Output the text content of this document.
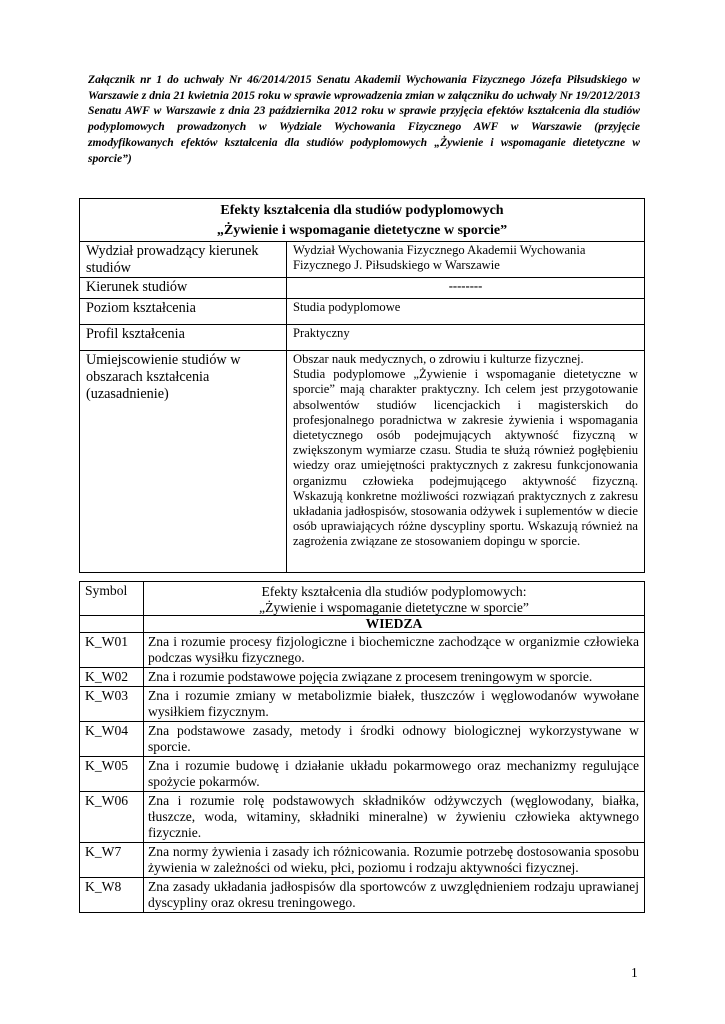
Załącznik nr 1 do uchwały Nr 46/2014/2015 Senatu Akademii Wychowania Fizycznego Józefa Piłsudskiego w Warszawie z dnia 21 kwietnia 2015 roku w sprawie wprowadzenia zmian w załączniku do uchwały Nr 19/2012/2013 Senatu AWF w Warszawie z dnia 23 października 2012 roku w sprawie przyjęcia efektów kształcenia dla studiów podyplomowych prowadzonych w Wydziale Wychowania Fizycznego AWF w Warszawie (przyjęcie zmodyfikowanych efektów kształcenia dla studiów podyplomowych „Żywienie i wspomaganie dietetyczne w sporcie”)
Efekty kształcenia dla studiów podyplomowych
„Żywienie i wspomaganie dietetyczne w sporcie”	

Wydział prowadzący kierunek studiów	Wydział Wychowania Fizycznego Akademii Wychowania Fizycznego J. Piłsudskiego w Warszawie
Kierunek studiów	--------
Poziom kształcenia	Studia podyplomowe
Profil kształcenia	Praktyczny
Umiejscowienie studiów w obszarach kształcenia (uzasadnienie)	Obszar nauk medycznych, o zdrowiu i kulturze fizycznej.
Studia podyplomowe „Żywienie i wspomaganie dietetyczne w sporcie” mają charakter praktyczny. Ich celem jest przygotowanie absolwentów studiów licencjackich i magisterskich do profesjonalnego poradnictwa w zakresie żywienia i wspomagania dietetycznego osób podejmujących aktywność fizyczną w zwiększonym wymiarze czasu. Studia te służą również pogłębieniu wiedzy oraz umiejętności praktycznych z zakresu funkcjonowania organizmu człowieka podejmującego aktywność fizyczną. Wskazują konkretne możliwości rozwiązań praktycznych z zakresu układania jadłospisów, stosowania odżywek i suplementów w diecie osób uprawiających różne dyscypliny sportu. Wskazują również na zagrożenia związane ze stosowaniem dopingu w sporcie.
Symbol	Efekty kształcenia dla studiów podyplomowych:
„Żywienie i wspomaganie dietetyczne w sporcie”

	WIEDZA
K_W01	Zna i rozumie procesy fizjologiczne i biochemiczne zachodzące w organizmie człowieka podczas wysiłku fizycznego.
K_W02	Zna i rozumie podstawowe pojęcia związane z procesem treningowym w sporcie.
K_W03	Zna i rozumie zmiany w metabolizmie białek, tłuszczów i węglowodanów wywołane wysiłkiem fizycznym.
K_W04	Zna podstawowe zasady, metody i środki odnowy biologicznej wykorzystywane w sporcie.
K_W05	Zna i rozumie budowę i działanie układu pokarmowego oraz mechanizmy regulujące spożycie pokarmów.
K_W06	Zna i rozumie rolę podstawowych składników odżywczych (węglowodany, białka, tłuszcze, woda, witaminy, składniki mineralne) w żywieniu człowieka aktywnego fizycznie.
K_W7	Zna normy żywienia i zasady ich różnicowania. Rozumie potrzebę dostosowania sposobu żywienia w zależności od wieku, płci, poziomu i rodzaju aktywności fizycznej.
K_W8	Zna zasady układania jadłospisów dla sportowców z uwzględnieniem rodzaju uprawianej dyscypliny oraz okresu treningowego.
1
